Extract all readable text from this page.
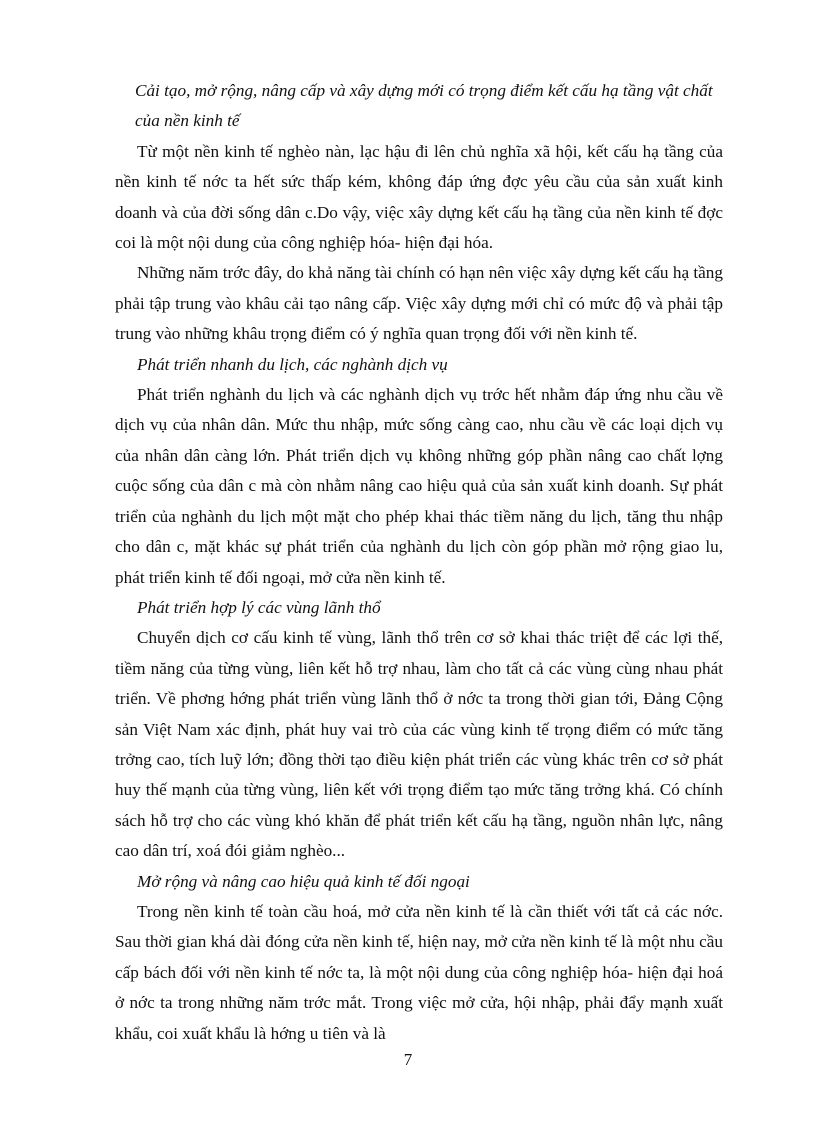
Cải tạo, mở rộng, nâng cấp và xây dựng mới có trọng điểm kết cấu hạ tầng vật chất của nền kinh tế

Từ một nền kinh tế nghèo nàn, lạc hậu đi lên chủ nghĩa xã hội, kết cấu hạ tầng của nền kinh tế nớc ta hết sức thấp kém, không đáp ứng đợc yêu cầu của sản xuất kinh doanh và của đời sống dân c.Do vậy, việc xây dựng kết cấu hạ tầng của nền kinh tế đợc coi là một nội dung của công nghiệp hóa- hiện đại hóa.

Những năm trớc đây, do khả năng tài chính có hạn nên việc xây dựng kết cấu hạ tầng phải tập trung vào khâu cải tạo nâng cấp. Việc xây dựng mới chỉ có mức độ và phải tập trung vào những khâu trọng điểm có ý nghĩa quan trọng đối với nền kinh tế.

Phát triển nhanh du lịch, các nghành dịch vụ

Phát triển nghành du lịch và các nghành dịch vụ trớc hết nhằm đáp ứng nhu cầu về dịch vụ của nhân dân. Mức thu nhập, mức sống càng cao, nhu cầu về các loại dịch vụ của nhân dân càng lớn. Phát triển dịch vụ không những góp phần nâng cao chất lợng cuộc sống của dân c mà còn nhằm nâng cao hiệu quả của sản xuất kinh doanh. Sự phát triển của nghành du lịch một mặt cho phép khai thác tiềm năng du lịch, tăng thu nhập cho dân c, mặt khác sự phát triển của nghành du lịch còn góp phần mở rộng giao lu, phát triển kinh tế đối ngoại, mở cửa nền kinh tế.

Phát triển hợp lý các vùng lãnh thổ

Chuyển dịch cơ cấu kinh tế vùng, lãnh thổ trên cơ sở khai thác triệt để các lợi thế, tiềm năng của từng vùng, liên kết hỗ trợ nhau, làm cho tất cả các vùng cùng nhau phát triển. Về phơng hớng phát triển vùng lãnh thổ ở nớc ta trong thời gian tới, Đảng Cộng sản Việt Nam xác định, phát huy vai trò của các vùng kinh tế trọng điểm có mức tăng trởng cao, tích luỹ lớn; đồng thời tạo điều kiện phát triển các vùng khác trên cơ sở phát huy thế mạnh của từng vùng, liên kết với trọng điểm tạo mức tăng trởng khá. Có chính sách hỗ trợ cho các vùng khó khăn để phát triển kết cấu hạ tầng, nguồn nhân lực, nâng cao dân trí, xoá đói giảm nghèo...

Mở rộng và nâng cao hiệu quả kinh tế đối ngoại

Trong nền kinh tế toàn cầu hoá, mở cửa nền kinh tế là cần thiết với tất cả các nớc. Sau thời gian khá dài đóng cửa nền kinh tế, hiện nay, mở cửa nền kinh tế là một nhu cầu cấp bách đối với nền kinh tế nớc ta, là một nội dung của công nghiệp hóa- hiện đại hoá ở nớc ta trong những năm trớc mắt. Trong việc mở cửa, hội nhập, phải đẩy mạnh xuất khẩu, coi xuất khẩu là hớng u tiên và là

7
